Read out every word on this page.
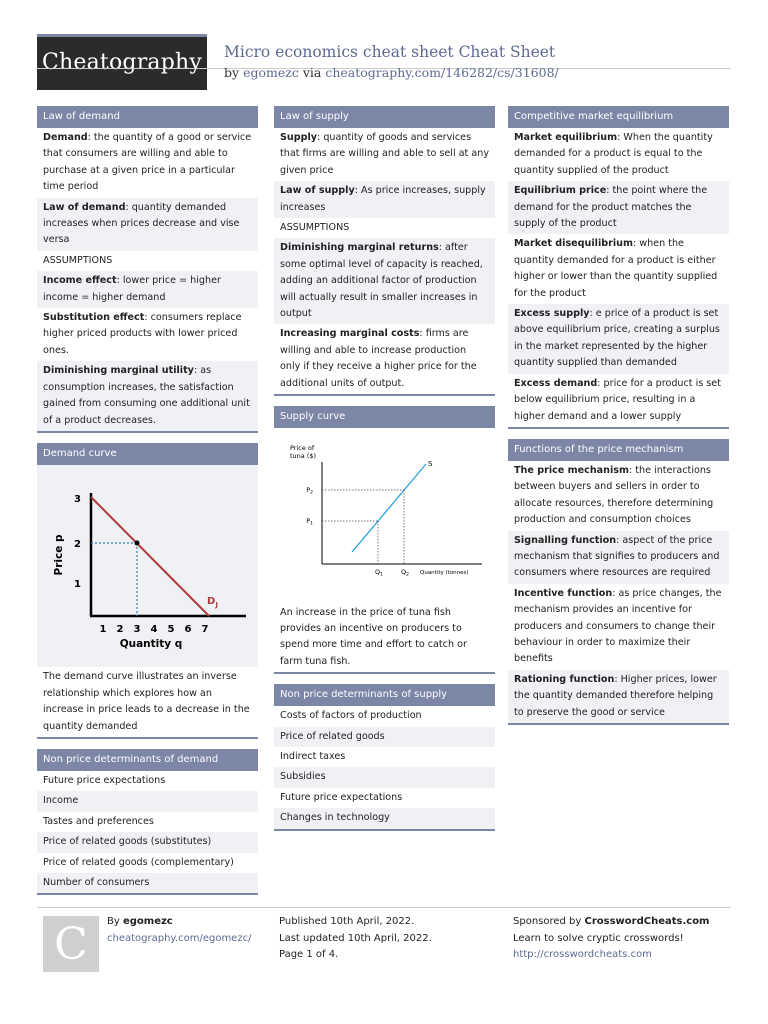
Cheatography	Micro economics cheat sheet Cheat Sheet
by egomezc via cheatography.com/146282/cs/31608/
Law of demand
Demand: the quantity of a good or service that consumers are willing and able to purchase at a given price in a particular time period
Law of demand: quantity demanded increases when prices decrease and vise versa
ASSUMPTIONS
Income effect: lower price = higher income = higher demand
Substitution effect: consumers replace higher priced products with lower priced ones.
Diminishing marginal utility: as consumption increases, the satisfaction gained from consuming one additional unit of a product decreases.
Demand curve
1
2
3
1 2 3 4 5 6 7
Quantity q
Price p
$D_J$
The demand curve illustrates an inverse relationship which explores how an increase in price leads to a decrease in the quantity demanded
Non price determinants of demand
Future price expectations
Income
Tastes and preferences
Price of related goods (substitutes)
Price of related goods (complementary)
Number of consumers
Law of supply
Supply: quantity of goods and services that firms are willing and able to sell at any given price
Law of supply: As price increases, supply increases
ASSUMPTIONS
Diminishing marginal returns: after some optimal level of capacity is reached, adding an additional factor of production will actually result in smaller increases in output
Increasing marginal costs: firms are willing and able to increase production only if they receive a higher price for the additional units of output.
Supply curve
Price of
tuna ($)
S
$P_2$
$P_1$
$Q_1$	$Q_2$ Quantity (tonnes)
An increase in the price of tuna fish provides an incentive on producers to spend more time and effort to catch or farm tuna fish.
Non price determinants of supply
Costs of factors of production
Price of related goods
Indirect taxes
Subsidies
Future price expectations
Changes in technology
Competitive market equilibrium
Market equilibrium: When the quantity demanded for a product is equal to the quantity supplied of the product
Equilibrium price: the point where the demand for the product matches the supply of the product
Market disequilibrium: when the quantity demanded for a product is either higher or lower than the quantity supplied for the product
Excess supply: e price of a product is set above equilibrium price, creating a surplus in the market represented by the higher quantity supplied than demanded
Excess demand: price for a product is set below equilibrium price, resulting in a higher demand and a lower supply
Functions of the price mechanism
The price mechanism: the interactions between buyers and sellers in order to allocate resources, therefore determining production and consumption choices
Signalling function: aspect of the price mechanism that signifies to producers and consumers where resources are required
Incentive function: as price changes, the mechanism provides an incentive for producers and consumers to change their behaviour in order to maximize their benefits
Rationing function: Higher prices, lower the quantity demanded therefore helping to preserve the good or service
C	By egomezc
cheatography.com/egomezc/
Published 10th April, 2022.
Last updated 10th April, 2022.
Page 1 of 4.
Sponsored by CrosswordCheats.com
Learn to solve cryptic crosswords!
http://crosswordcheats.com
